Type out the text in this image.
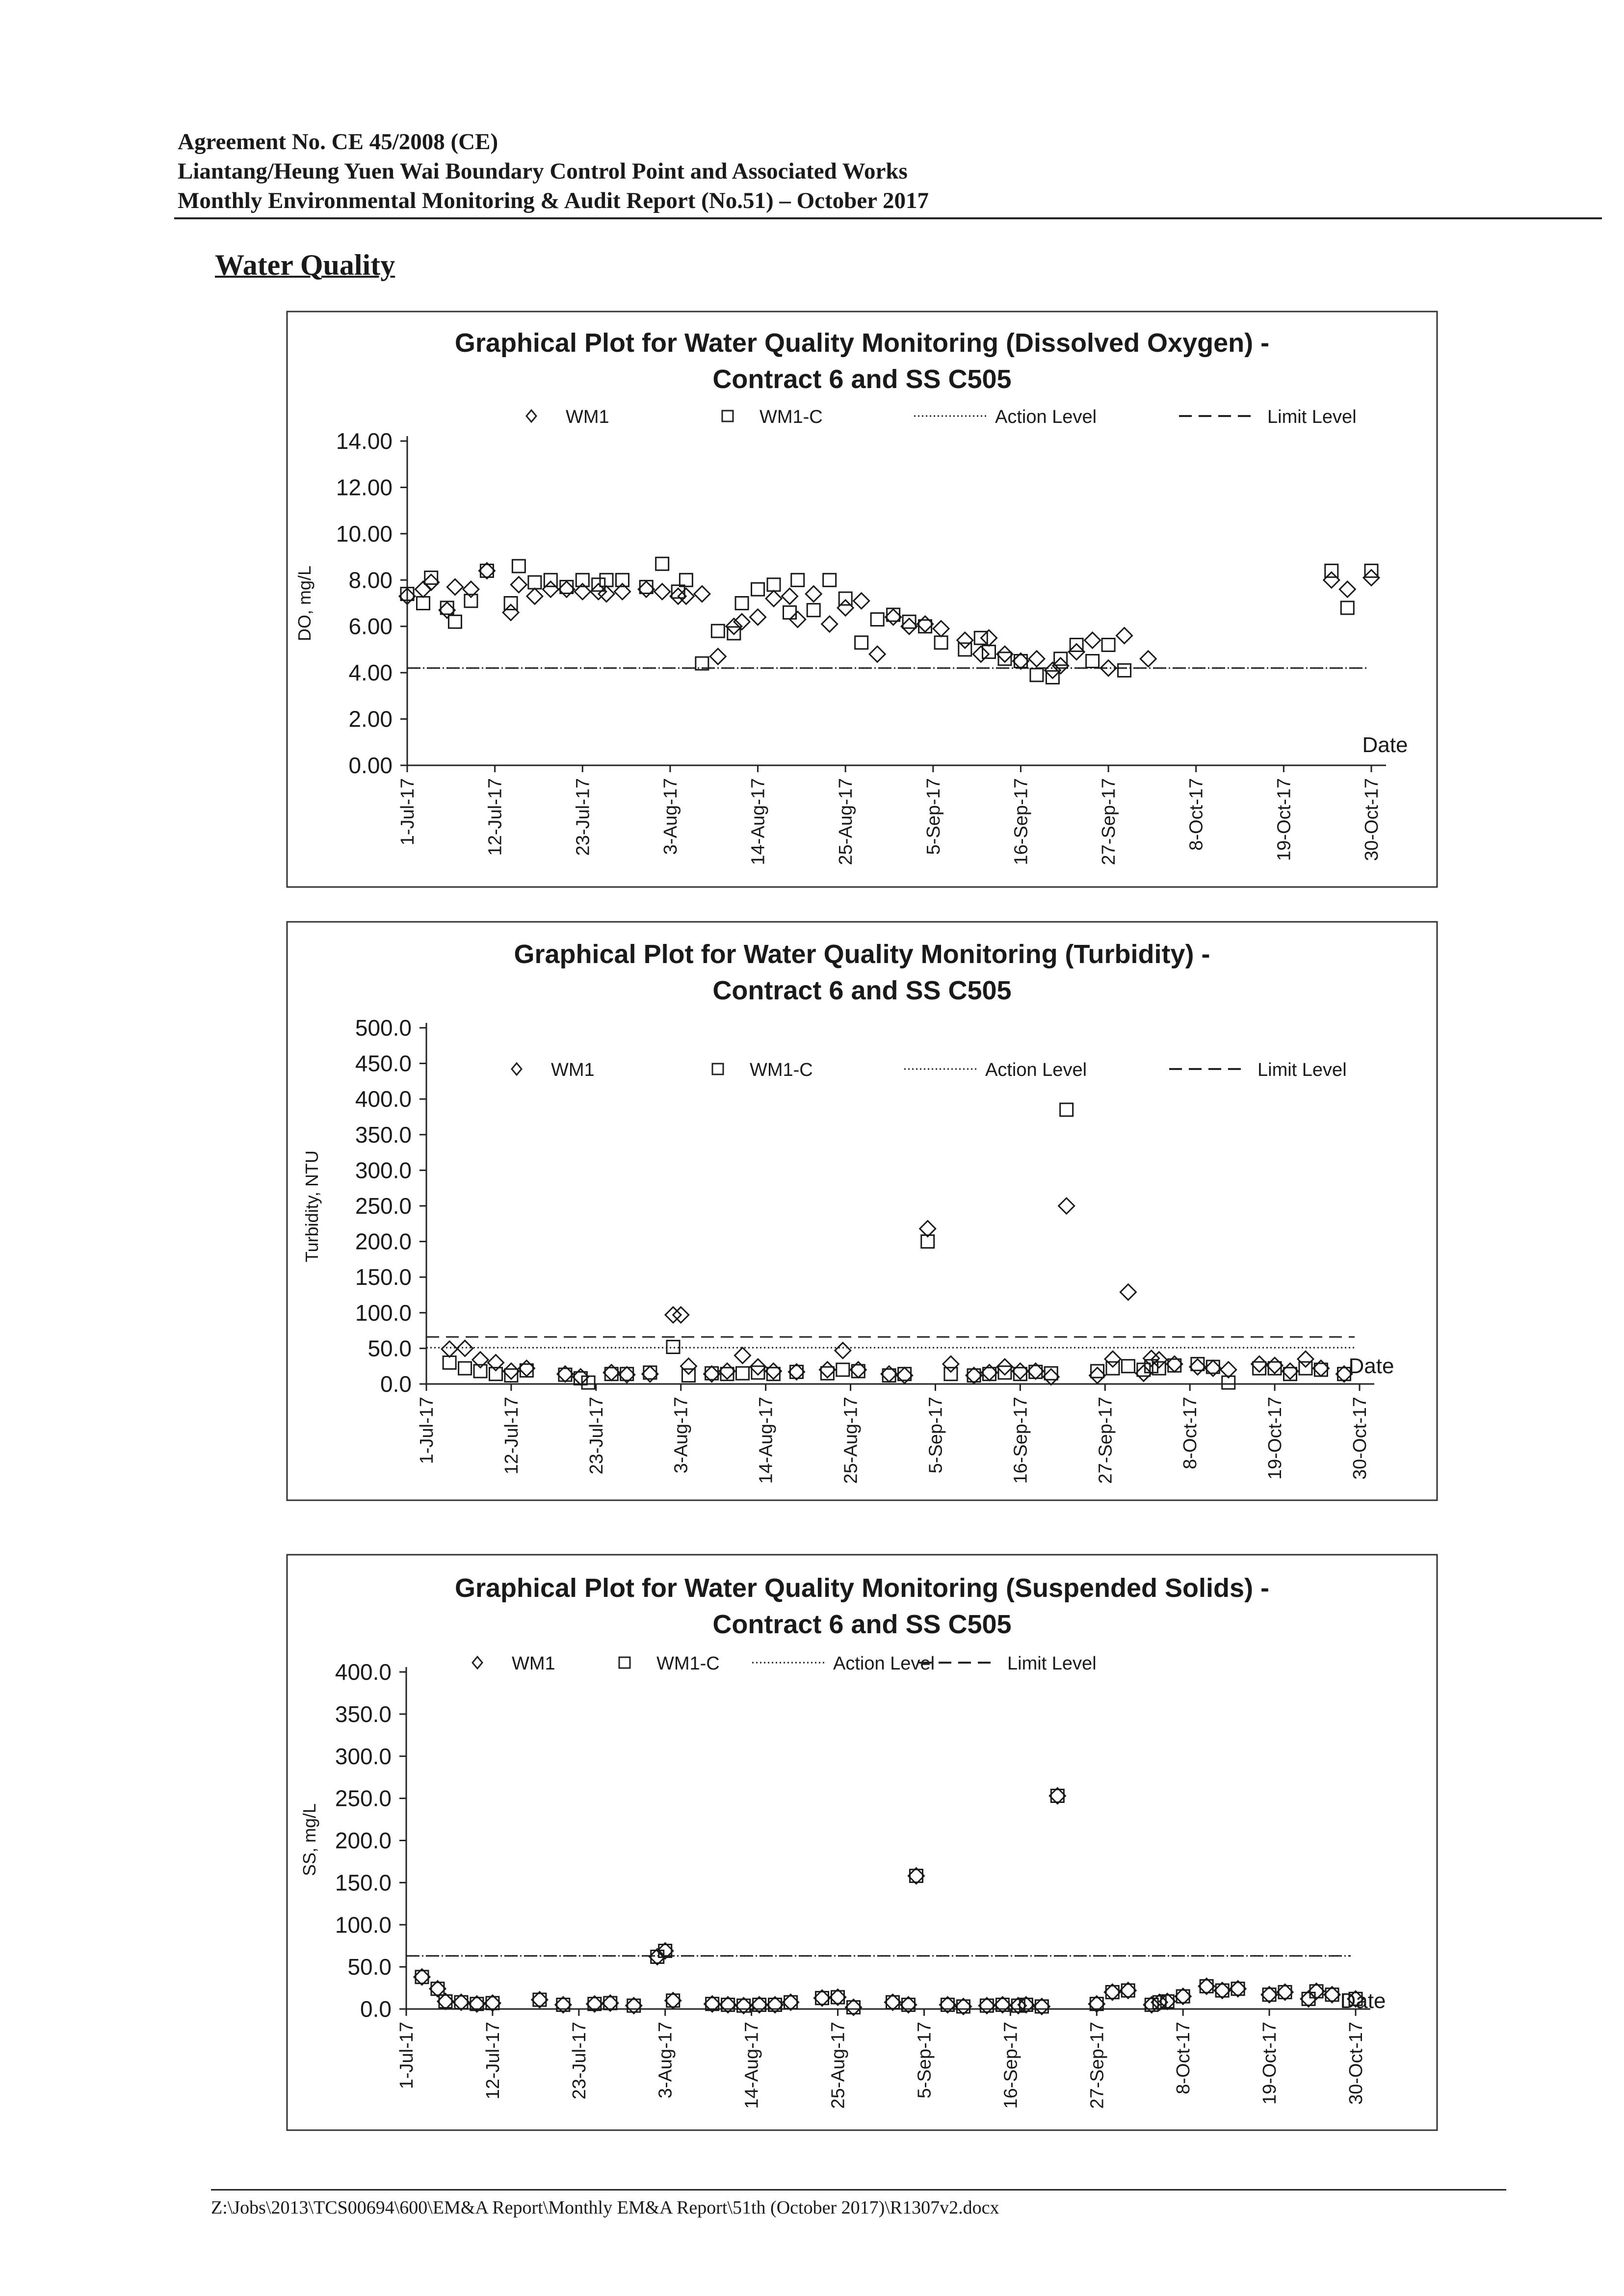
Agreement No. CE 45/2008 (CE)
Liantang/Heung Yuen Wai Boundary Control Point and Associated Works
Monthly Environmental Monitoring & Audit Report (No.51) – October 2017
Water Quality
Graphical Plot for Water Quality Monitoring (Dissolved Oxygen) -
Contract 6 and SS C505
WM1	WM1-C	Action Level	Limit Level
0.00
2.00
4.00
6.00
8.00
10.00
12.00
14.00
1-Jul-17	12-Jul-17	23-Jul-17	3-Aug-17	14-Aug-17	25-Aug-17	5-Sep-17	16-Sep-17	27-Sep-17	8-Oct-17	19-Oct-17	30-Oct-17
DO, mg/L
Date
Graphical Plot for Water Quality Monitoring (Turbidity) -
Contract 6 and SS C505
WM1	WM1-C	Action Level	Limit Level
0.0
50.0
100.0
150.0
200.0
250.0
300.0
350.0
400.0
450.0
500.0
1-Jul-17	12-Jul-17	23-Jul-17	3-Aug-17	14-Aug-17	25-Aug-17	5-Sep-17	16-Sep-17	27-Sep-17	8-Oct-17	19-Oct-17	30-Oct-17
Turbidity, NTU
Date
Graphical Plot for Water Quality Monitoring (Suspended Solids) -
Contract 6 and SS C505
WM1	WM1-C	Action Level	Limit Level
0.0
50.0
100.0
150.0
200.0
250.0
300.0
350.0
400.0
1-Jul-17	12-Jul-17	23-Jul-17	3-Aug-17	14-Aug-17	25-Aug-17	5-Sep-17	16-Sep-17	27-Sep-17	8-Oct-17	19-Oct-17	30-Oct-17
SS, mg/L
Date
Z:\Jobs\2013\TCS00694\600\EM&A Report\Monthly EM&A Report\51th (October 2017)\R1307v2.docx
